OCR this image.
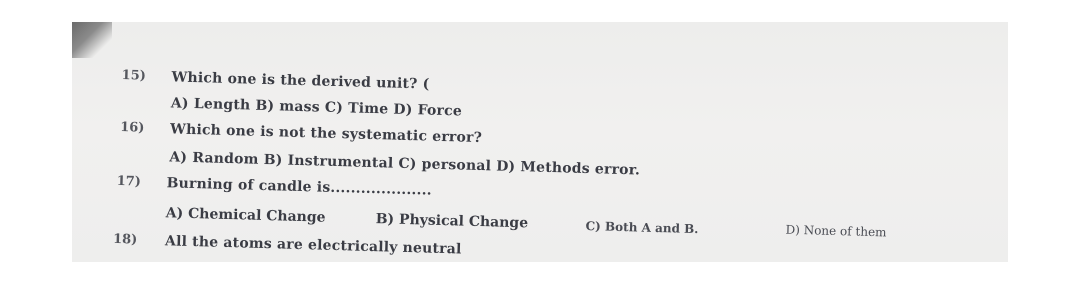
15) Which one is the derived unit? (
A) Length B) mass C) Time D) Force
16) Which one is not the systematic error?
A) Random B) Instrumental C) personal D) Methods error.
17) Burning of candle is....................
A) Chemical Change	B) Physical Change	C) Both A and B.	D) None of them
18) All the atoms are electrically neutral
